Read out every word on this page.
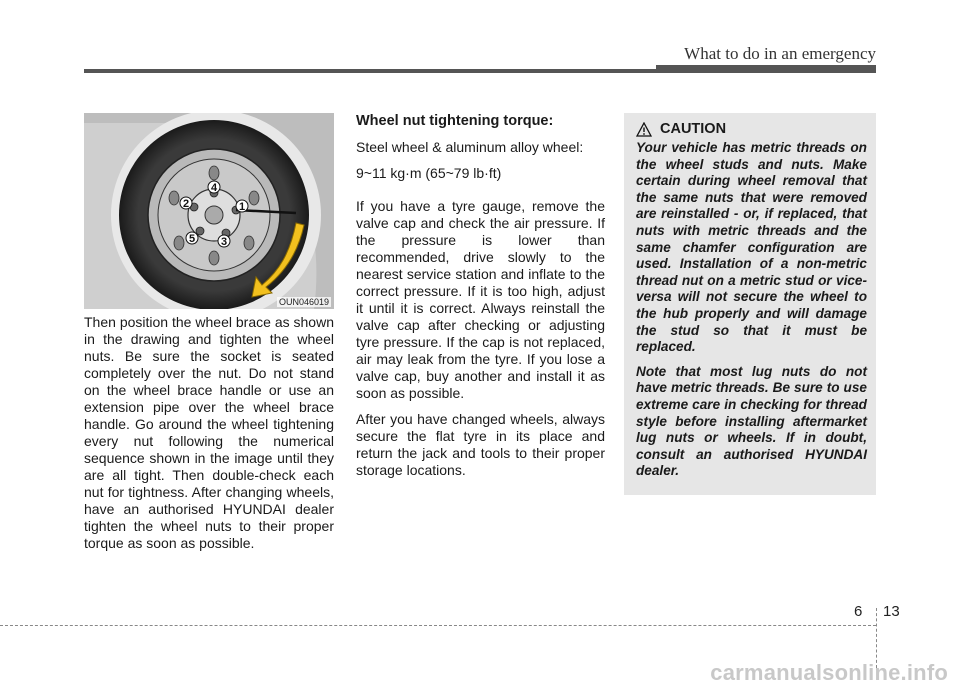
What to do in an emergency
1
2
3
4
5
OUN046019
Then position the wheel brace as shown in the drawing and tighten the wheel nuts. Be sure the socket is seated completely over the nut. Do not stand on the wheel brace handle or use an extension pipe over the wheel brace handle. Go around the wheel tightening every nut following the numerical sequence shown in the image until they are all tight. Then double-check each nut for tightness. After changing wheels, have an authorised HYUNDAI dealer tighten the wheel nuts to their proper torque as soon as possible.
Wheel nut tightening torque:

Steel wheel & aluminum alloy wheel:

9~11 kg·m (65~79 lb·ft)

If you have a tyre gauge, remove the valve cap and check the air pressure. If the pressure is lower than recommended, drive slowly to the nearest service station and inflate to the correct pressure. If it is too high, adjust it until it is correct. Always reinstall the valve cap after checking or adjusting tyre pressure. If the cap is not replaced, air may leak from the tyre. If you lose a valve cap, buy another and install it as soon as possible.

After you have changed wheels, always secure the flat tyre in its place and return the jack and tools to their proper storage locations.

CAUTION

Your vehicle has metric threads on the wheel studs and nuts. Make certain during wheel removal that the same nuts that were removed are reinstalled - or, if replaced, that nuts with metric threads and the same chamfer configuration are used. Installation of a non-metric thread nut on a metric stud or vice-versa will not secure the wheel to the hub properly and will damage the stud so that it must be replaced.

Note that most lug nuts do not have metric threads. Be sure to use extreme care in checking for thread style before installing aftermarket lug nuts or wheels. If in doubt, consult an authorised HYUNDAI dealer.

6 13
carmanualsonline.info
